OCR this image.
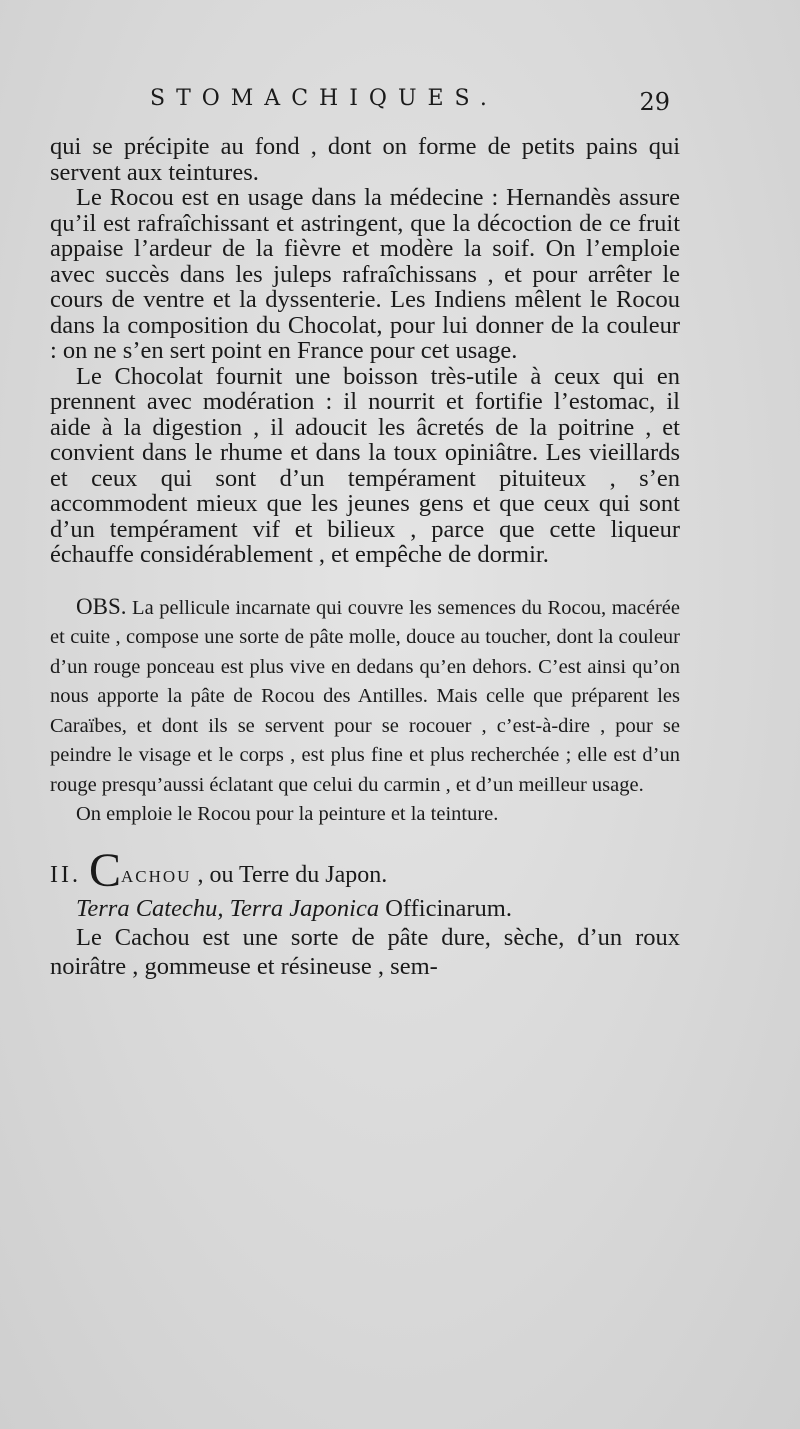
STOMACHIQUES.	29

qui se précipite au fond , dont on forme de petits pains qui servent aux teintures.

Le Rocou est en usage dans la médecine : Hernandès assure qu’il est rafraîchissant et astringent, que la décoction de ce fruit appaise l’ardeur de la fièvre et modère la soif. On l’emploie avec succès dans les juleps rafraîchissans , et pour arrêter le cours de ventre et la dyssenterie. Les Indiens mêlent le Rocou dans la composition du Chocolat, pour lui donner de la couleur : on ne s’en sert point en France pour cet usage.

Le Chocolat fournit une boisson très-utile à ceux qui en prennent avec modération : il nourrit et fortifie l’estomac, il aide à la digestion , il adoucit les âcretés de la poitrine , et convient dans le rhume et dans la toux opiniâtre. Les vieillards et ceux qui sont d’un tempérament pituiteux , s’en accommodent mieux que les jeunes gens et que ceux qui sont d’un tempérament vif et bilieux , parce que cette liqueur échauffe considérablement , et empêche de dormir.

OBS. La pellicule incarnate qui couvre les semences du Rocou, macérée et cuite , compose une sorte de pâte molle, douce au toucher, dont la couleur d’un rouge ponceau est plus vive en dedans qu’en dehors. C’est ainsi qu’on nous apporte la pâte de Rocou des Antilles. Mais celle que préparent les Caraïbes, et dont ils se servent pour se rocouer , c’est-à-dire , pour se peindre le visage et le corps , est plus fine et plus recherchée ; elle est d’un rouge presqu’aussi éclatant que celui du carmin , et d’un meilleur usage.

On emploie le Rocou pour la peinture et la teinture.

II. CACHOU , ou Terre du Japon.

Terra Catechu, Terra Japonica Officinarum.

Le Cachou est une sorte de pâte dure, sèche, d’un roux noirâtre , gommeuse et résineuse , sem-
